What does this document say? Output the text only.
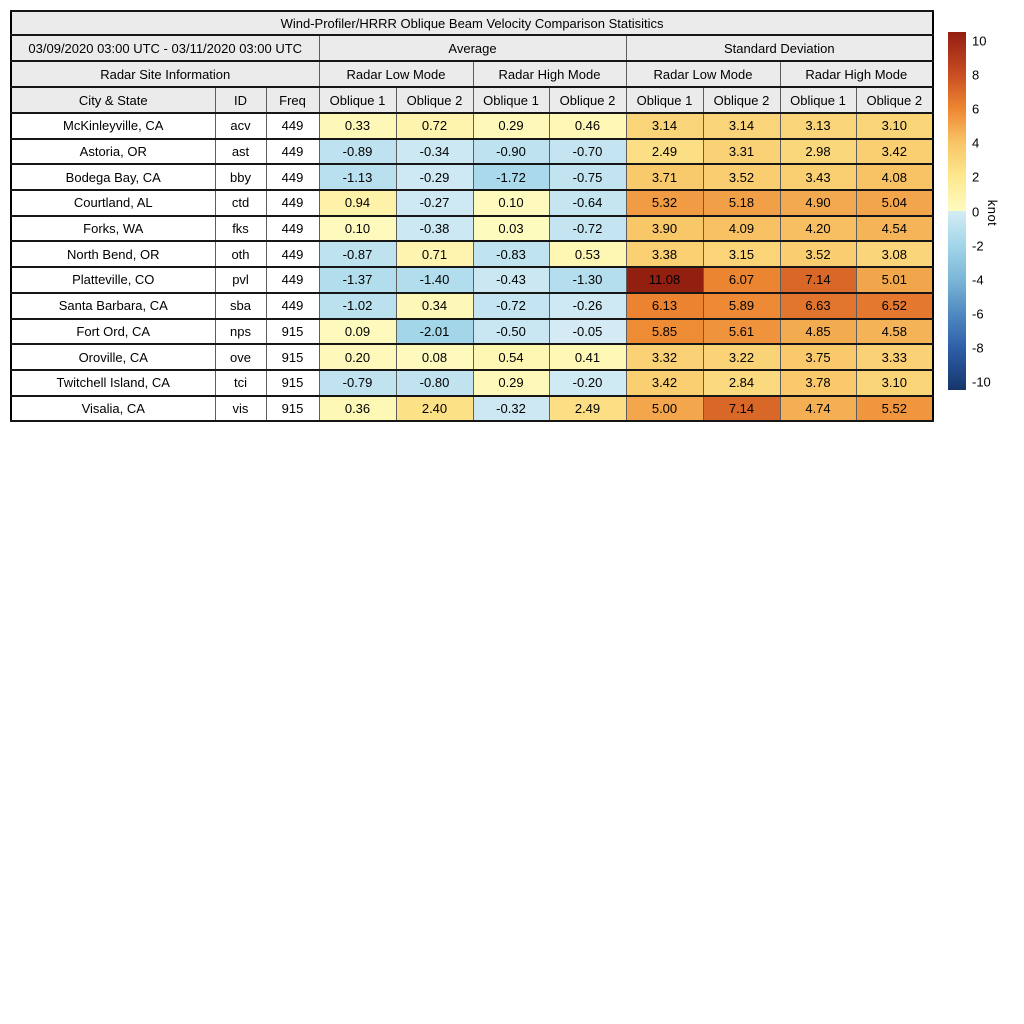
Wind-Profiler/HRRR Oblique Beam Velocity Comparison Statisitics										
03/09/2020 03:00 UTC - 03/11/2020 03:00 UTC			Average				Standard Deviation			
Radar Site Information			Radar Low Mode		Radar High Mode		Radar Low Mode		Radar High Mode	
City & State	ID	Freq	Oblique 1	Oblique 2	Oblique 1	Oblique 2	Oblique 1	Oblique 2	Oblique 1	Oblique 2
McKinleyville, CA	acv	449	0.33	0.72	0.29	0.46	3.14	3.14	3.13	3.10
Astoria, OR	ast	449	-0.89	-0.34	-0.90	-0.70	2.49	3.31	2.98	3.42
Bodega Bay, CA	bby	449	-1.13	-0.29	-1.72	-0.75	3.71	3.52	3.43	4.08
Courtland, AL	ctd	449	0.94	-0.27	0.10	-0.64	5.32	5.18	4.90	5.04
Forks, WA	fks	449	0.10	-0.38	0.03	-0.72	3.90	4.09	4.20	4.54
North Bend, OR	oth	449	-0.87	0.71	-0.83	0.53	3.38	3.15	3.52	3.08
Platteville, CO	pvl	449	-1.37	-1.40	-0.43	-1.30	11.08	6.07	7.14	5.01
Santa Barbara, CA	sba	449	-1.02	0.34	-0.72	-0.26	6.13	5.89	6.63	6.52
Fort Ord, CA	nps	915	0.09	-2.01	-0.50	-0.05	5.85	5.61	4.85	4.58
Oroville, CA	ove	915	0.20	0.08	0.54	0.41	3.32	3.22	3.75	3.33
Twitchell Island, CA	tci	915	-0.79	-0.80	0.29	-0.20	3.42	2.84	3.78	3.10
Visalia, CA	vis	915	0.36	2.40	-0.32	2.49	5.00	7.14	4.74	5.52
10
8
6
4
2
0
-2
-4
-6
-8
-10
knot
